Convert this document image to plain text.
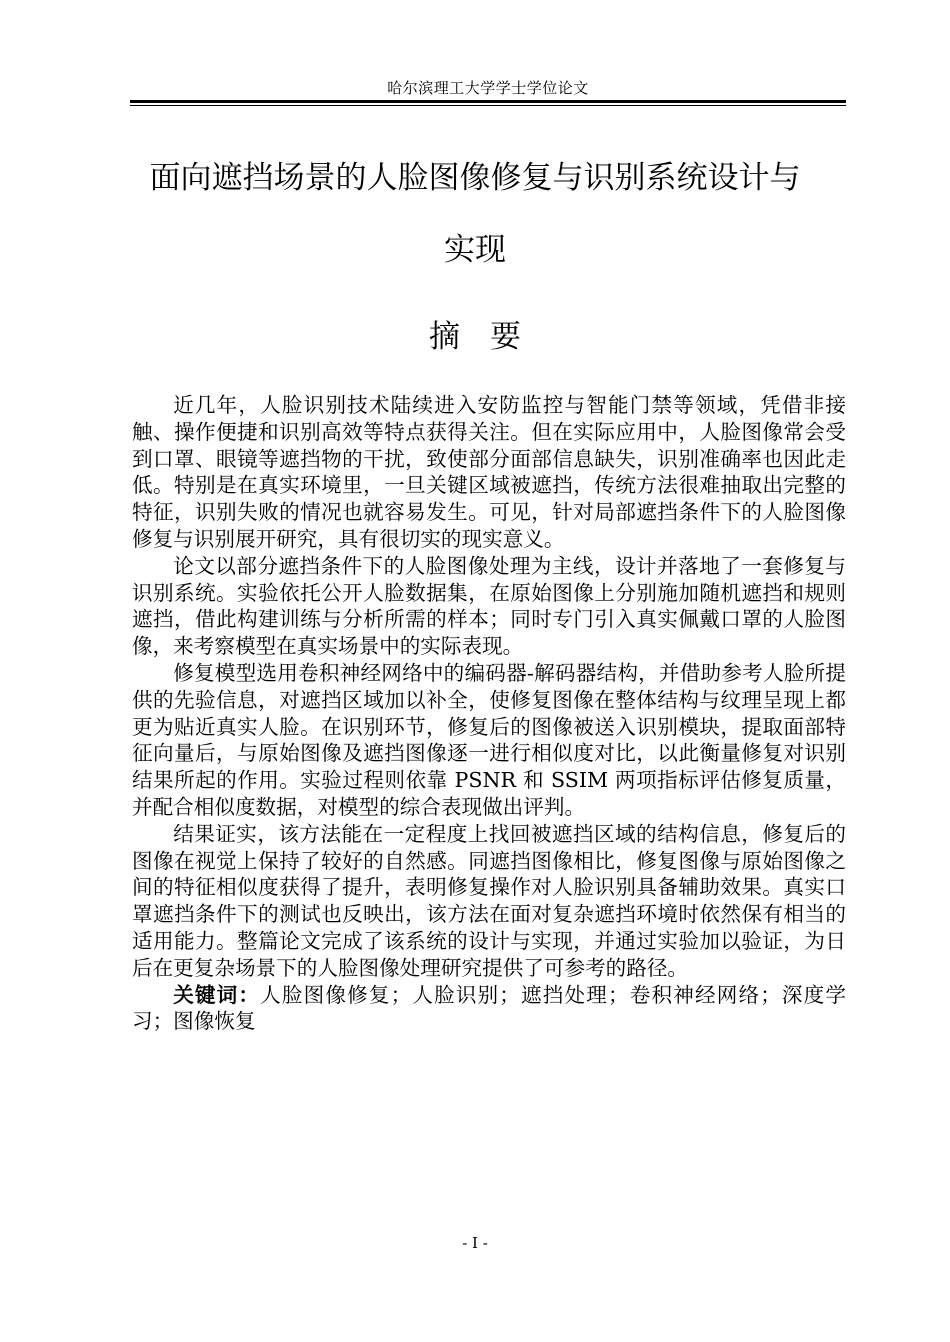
哈尔滨理工大学学士学位论文
面向遮挡场景的人脸图像修复与识别系统设计与
实现
摘要

近几年，人脸识别技术陆续进入安防监控与智能门禁等领域，凭借非接触、操作便捷和识别高效等特点获得关注。但在实际应用中，人脸图像常会受到口罩、眼镜等遮挡物的干扰，致使部分面部信息缺失，识别准确率也因此走低。特别是在真实环境里，一旦关键区域被遮挡，传统方法很难抽取出完整的特征，识别失败的情况也就容易发生。可见，针对局部遮挡条件下的人脸图像修复与识别展开研究，具有很切实的现实意义。

论文以部分遮挡条件下的人脸图像处理为主线，设计并落地了一套修复与识别系统。实验依托公开人脸数据集，在原始图像上分别施加随机遮挡和规则遮挡，借此构建训练与分析所需的样本；同时专门引入真实佩戴口罩的人脸图像，来考察模型在真实场景中的实际表现。

修复模型选用卷积神经网络中的编码器-解码器结构，并借助参考人脸所提供的先验信息，对遮挡区域加以补全，使修复图像在整体结构与纹理呈现上都更为贴近真实人脸。在识别环节，修复后的图像被送入识别模块，提取面部特征向量后，与原始图像及遮挡图像逐一进行相似度对比，以此衡量修复对识别结果所起的作用。实验过程则依靠 PSNR 和 SSIM 两项指标评估修复质量，并配合相似度数据，对模型的综合表现做出评判。

结果证实，该方法能在一定程度上找回被遮挡区域的结构信息，修复后的图像在视觉上保持了较好的自然感。同遮挡图像相比，修复图像与原始图像之间的特征相似度获得了提升，表明修复操作对人脸识别具备辅助效果。真实口罩遮挡条件下的测试也反映出，该方法在面对复杂遮挡环境时依然保有相当的适用能力。整篇论文完成了该系统的设计与实现，并通过实验加以验证，为日后在更复杂场景下的人脸图像处理研究提供了可参考的路径。

关键词：人脸图像修复；人脸识别；遮挡处理；卷积神经网络；深度学习；图像恢复

- I -
